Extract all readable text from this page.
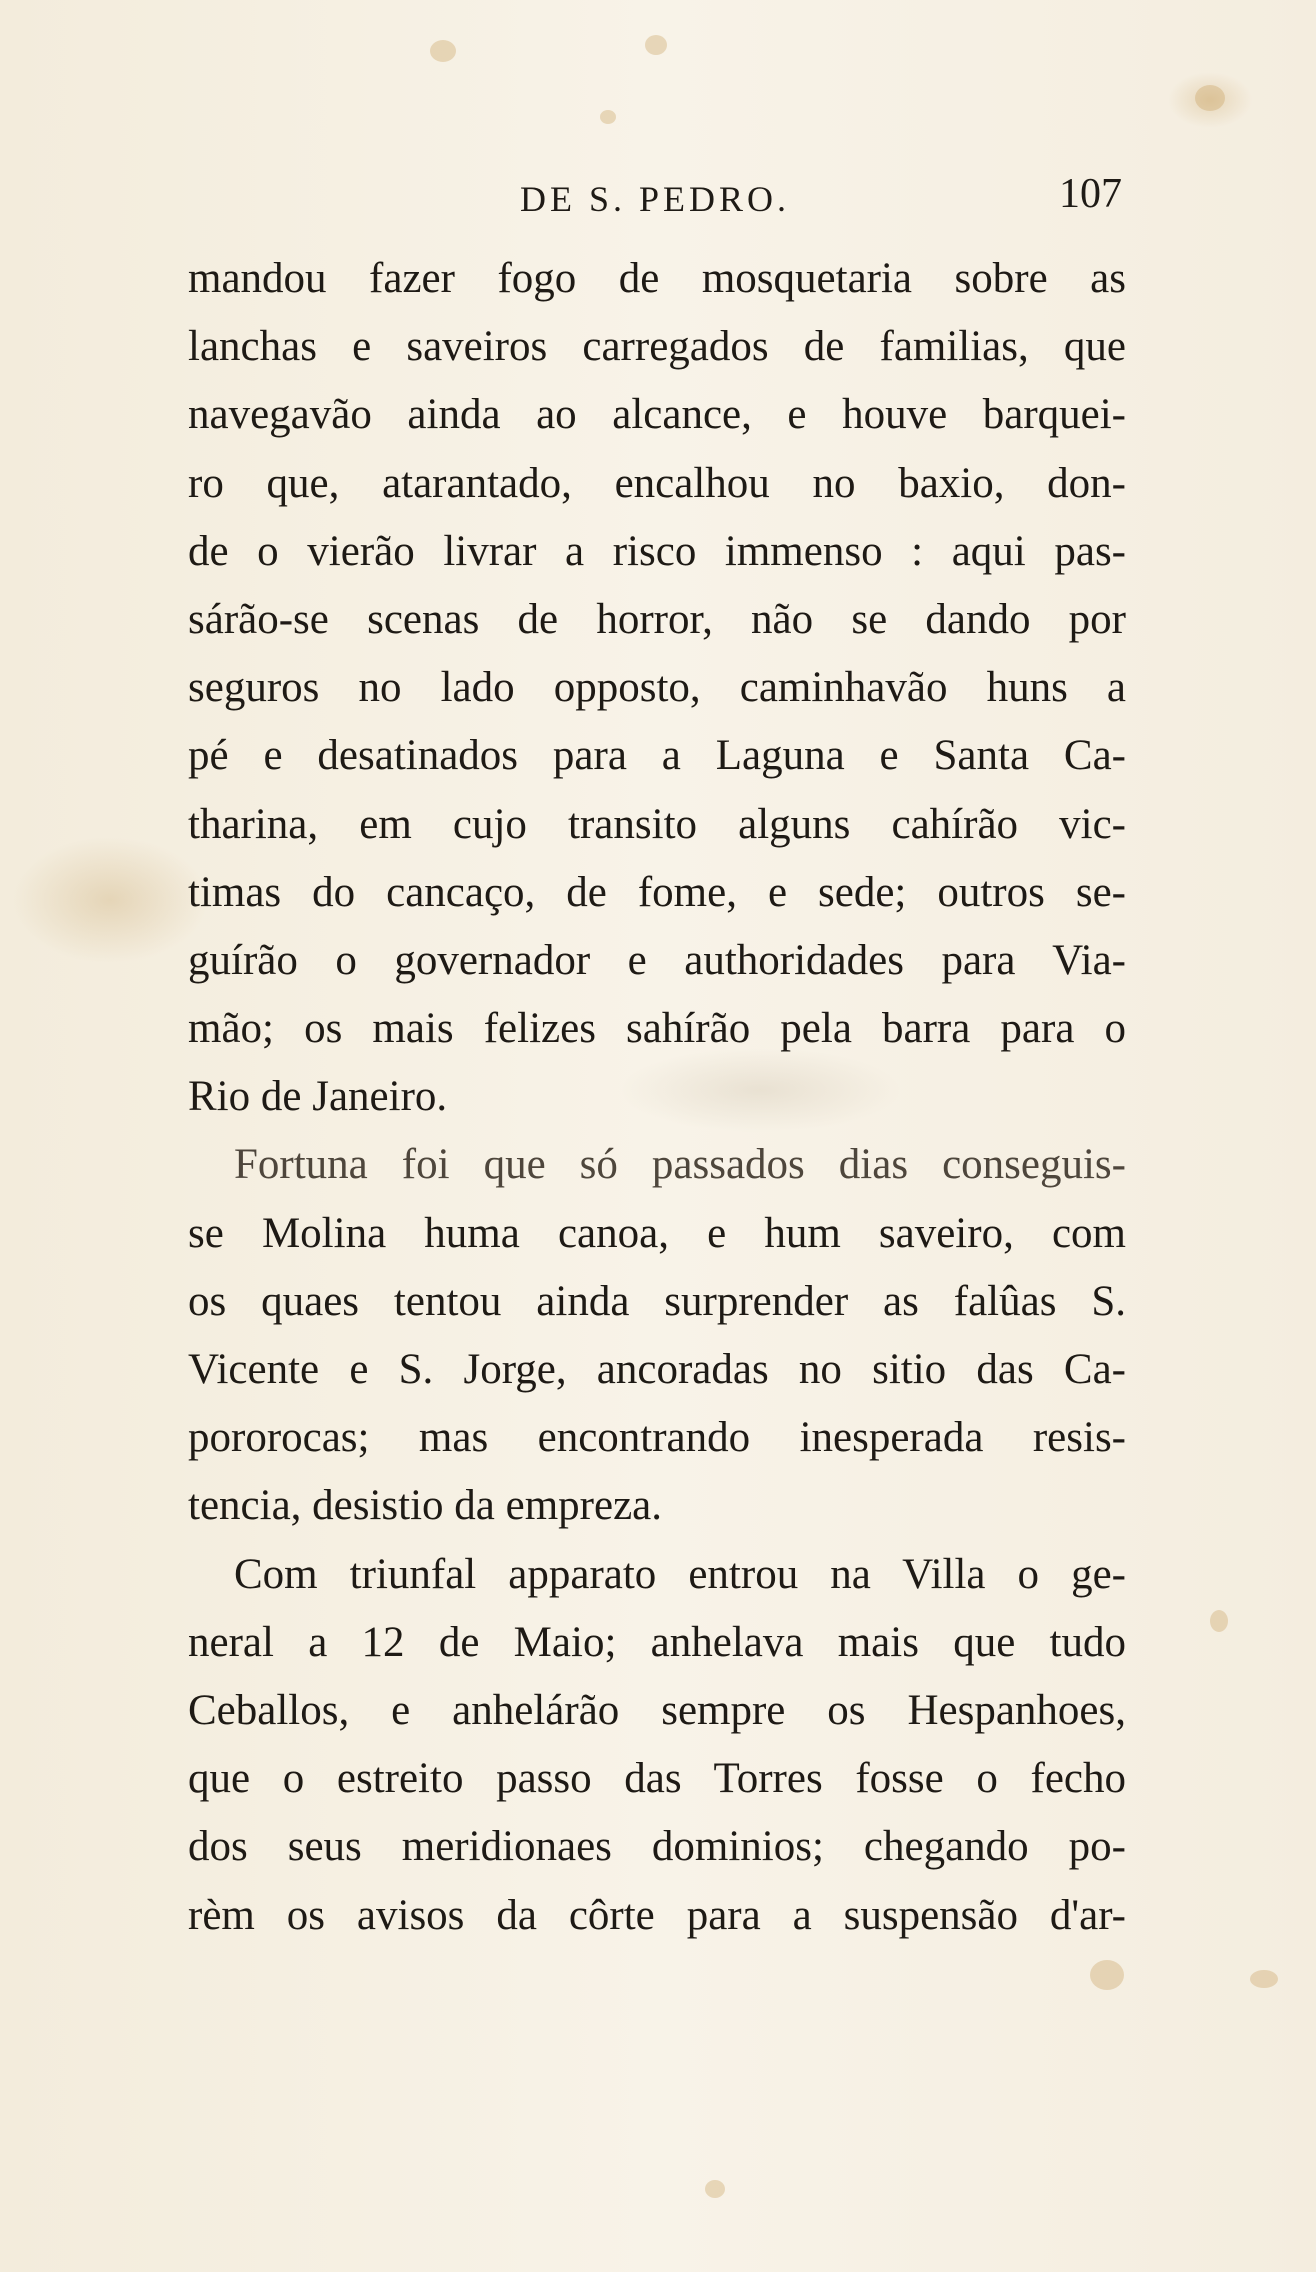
DE S. PEDRO.	107
mandou fazer fogo de mosquetaria sobre as
lanchas e saveiros carregados de familias, que
navegavão ainda ao alcance, e houve barquei-
ro que, atarantado, encalhou no baxio, don-
de o vierão livrar a risco immenso : aqui pas-
sárão-se scenas de horror, não se dando por
seguros no lado opposto, caminhavão huns a
pé e desatinados para a Laguna e Santa Ca-
tharina, em cujo transito alguns cahírão vic-
timas do cancaço, de fome, e sede; outros se-
guírão o governador e authoridades para Via-
mão; os mais felizes sahírão pela barra para o
Rio de Janeiro.
Fortuna foi que só passados dias conseguis-
se Molina huma canoa, e hum saveiro, com
os quaes tentou ainda surprender as falûas S.
Vicente e S. Jorge, ancoradas no sitio das Ca-
pororocas; mas encontrando inesperada resis-
tencia, desistio da empreza.
Com triunfal apparato entrou na Villa o ge-
neral a 12 de Maio; anhelava mais que tudo
Ceballos, e anhelárão sempre os Hespanhoes,
que o estreito passo das Torres fosse o fecho
dos seus meridionaes dominios; chegando po-
rèm os avisos da côrte para a suspensão d'ar-
